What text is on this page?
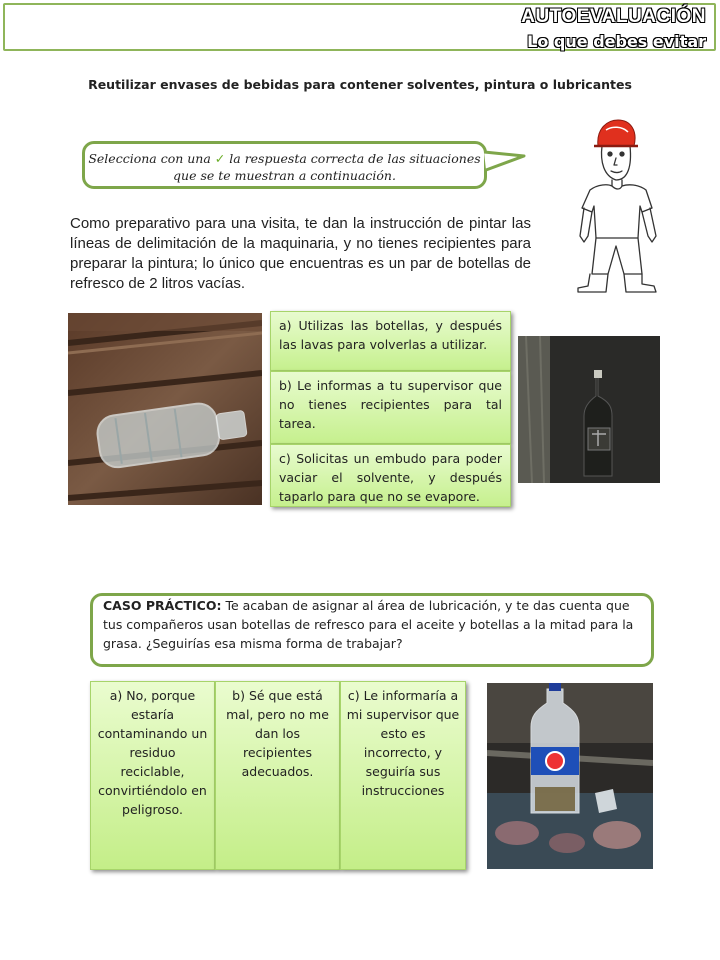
AUTOEVALUACIÓN
Lo que debes evitar
Reutilizar envases de bebidas para contener solventes, pintura o lubricantes
Selecciona con una ✓ la respuesta correcta de las situaciones que se te muestran a continuación.
Como preparativo para una visita, te dan la instrucción de pintar las líneas de delimitación de la maquinaria, y no tienes recipientes para preparar la pintura; lo único que encuentras es un par de botellas de refresco de 2 litros vacías.
a) Utilizas las botellas, y después las lavas para volverlas a utilizar.
b) Le informas a tu supervisor que no tienes recipientes para tal tarea.
c) Solicitas un embudo para poder vaciar el solvente, y después taparlo para que no se evapore.
CASO PRÁCTICO: Te acaban de asignar al área de lubricación, y te das cuenta que tus compañeros usan botellas de refresco para el aceite y botellas a la mitad para la grasa. ¿Seguirías esa misma forma de trabajar?
a) No, porque estaría contaminando un residuo reciclable, convirtiéndolo en peligroso.
b) Sé que está mal, pero no me dan los recipientes adecuados.
c) Le informaría a mi supervisor que esto es incorrecto, y seguiría sus instrucciones
